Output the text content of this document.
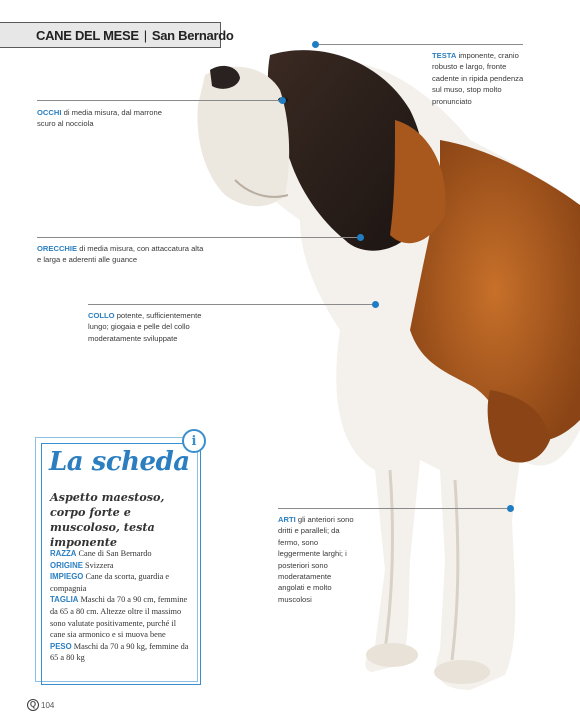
CANE DEL MESE | San Bernardo
TESTA imponente, cranio robusto e largo, fronte cadente in ripida pendenza sul muso, stop molto pronunciato
OCCHI di media misura, dal marrone scuro al nocciola
ORECCHIE di media misura, con attaccatura alta e larga e aderenti alle guance
COLLO potente, sufficientemente lungo; giogaia e pelle del collo moderatamente sviluppate
ARTI gli anteriori sono dritti e paralleli; da fermo, sono leggermente larghi; i posteriori sono moderatamente angolati e molto muscolosi
i
La scheda
Aspetto maestoso, corpo forte e muscoloso, testa imponente
RAZZA Cane di San Bernardo
ORIGINE Svizzera
IMPIEGO Cane da scorta, guardia e compagnia
TAGLIA Maschi da 70 a 90 cm, femmine da 65 a 80 cm. Altezze oltre il massimo sono valutate positivamente, purché il cane sia armonico e si muova bene
PESO Maschi da 70 a 90 kg, femmine da 65 a 80 kg
Q 104
